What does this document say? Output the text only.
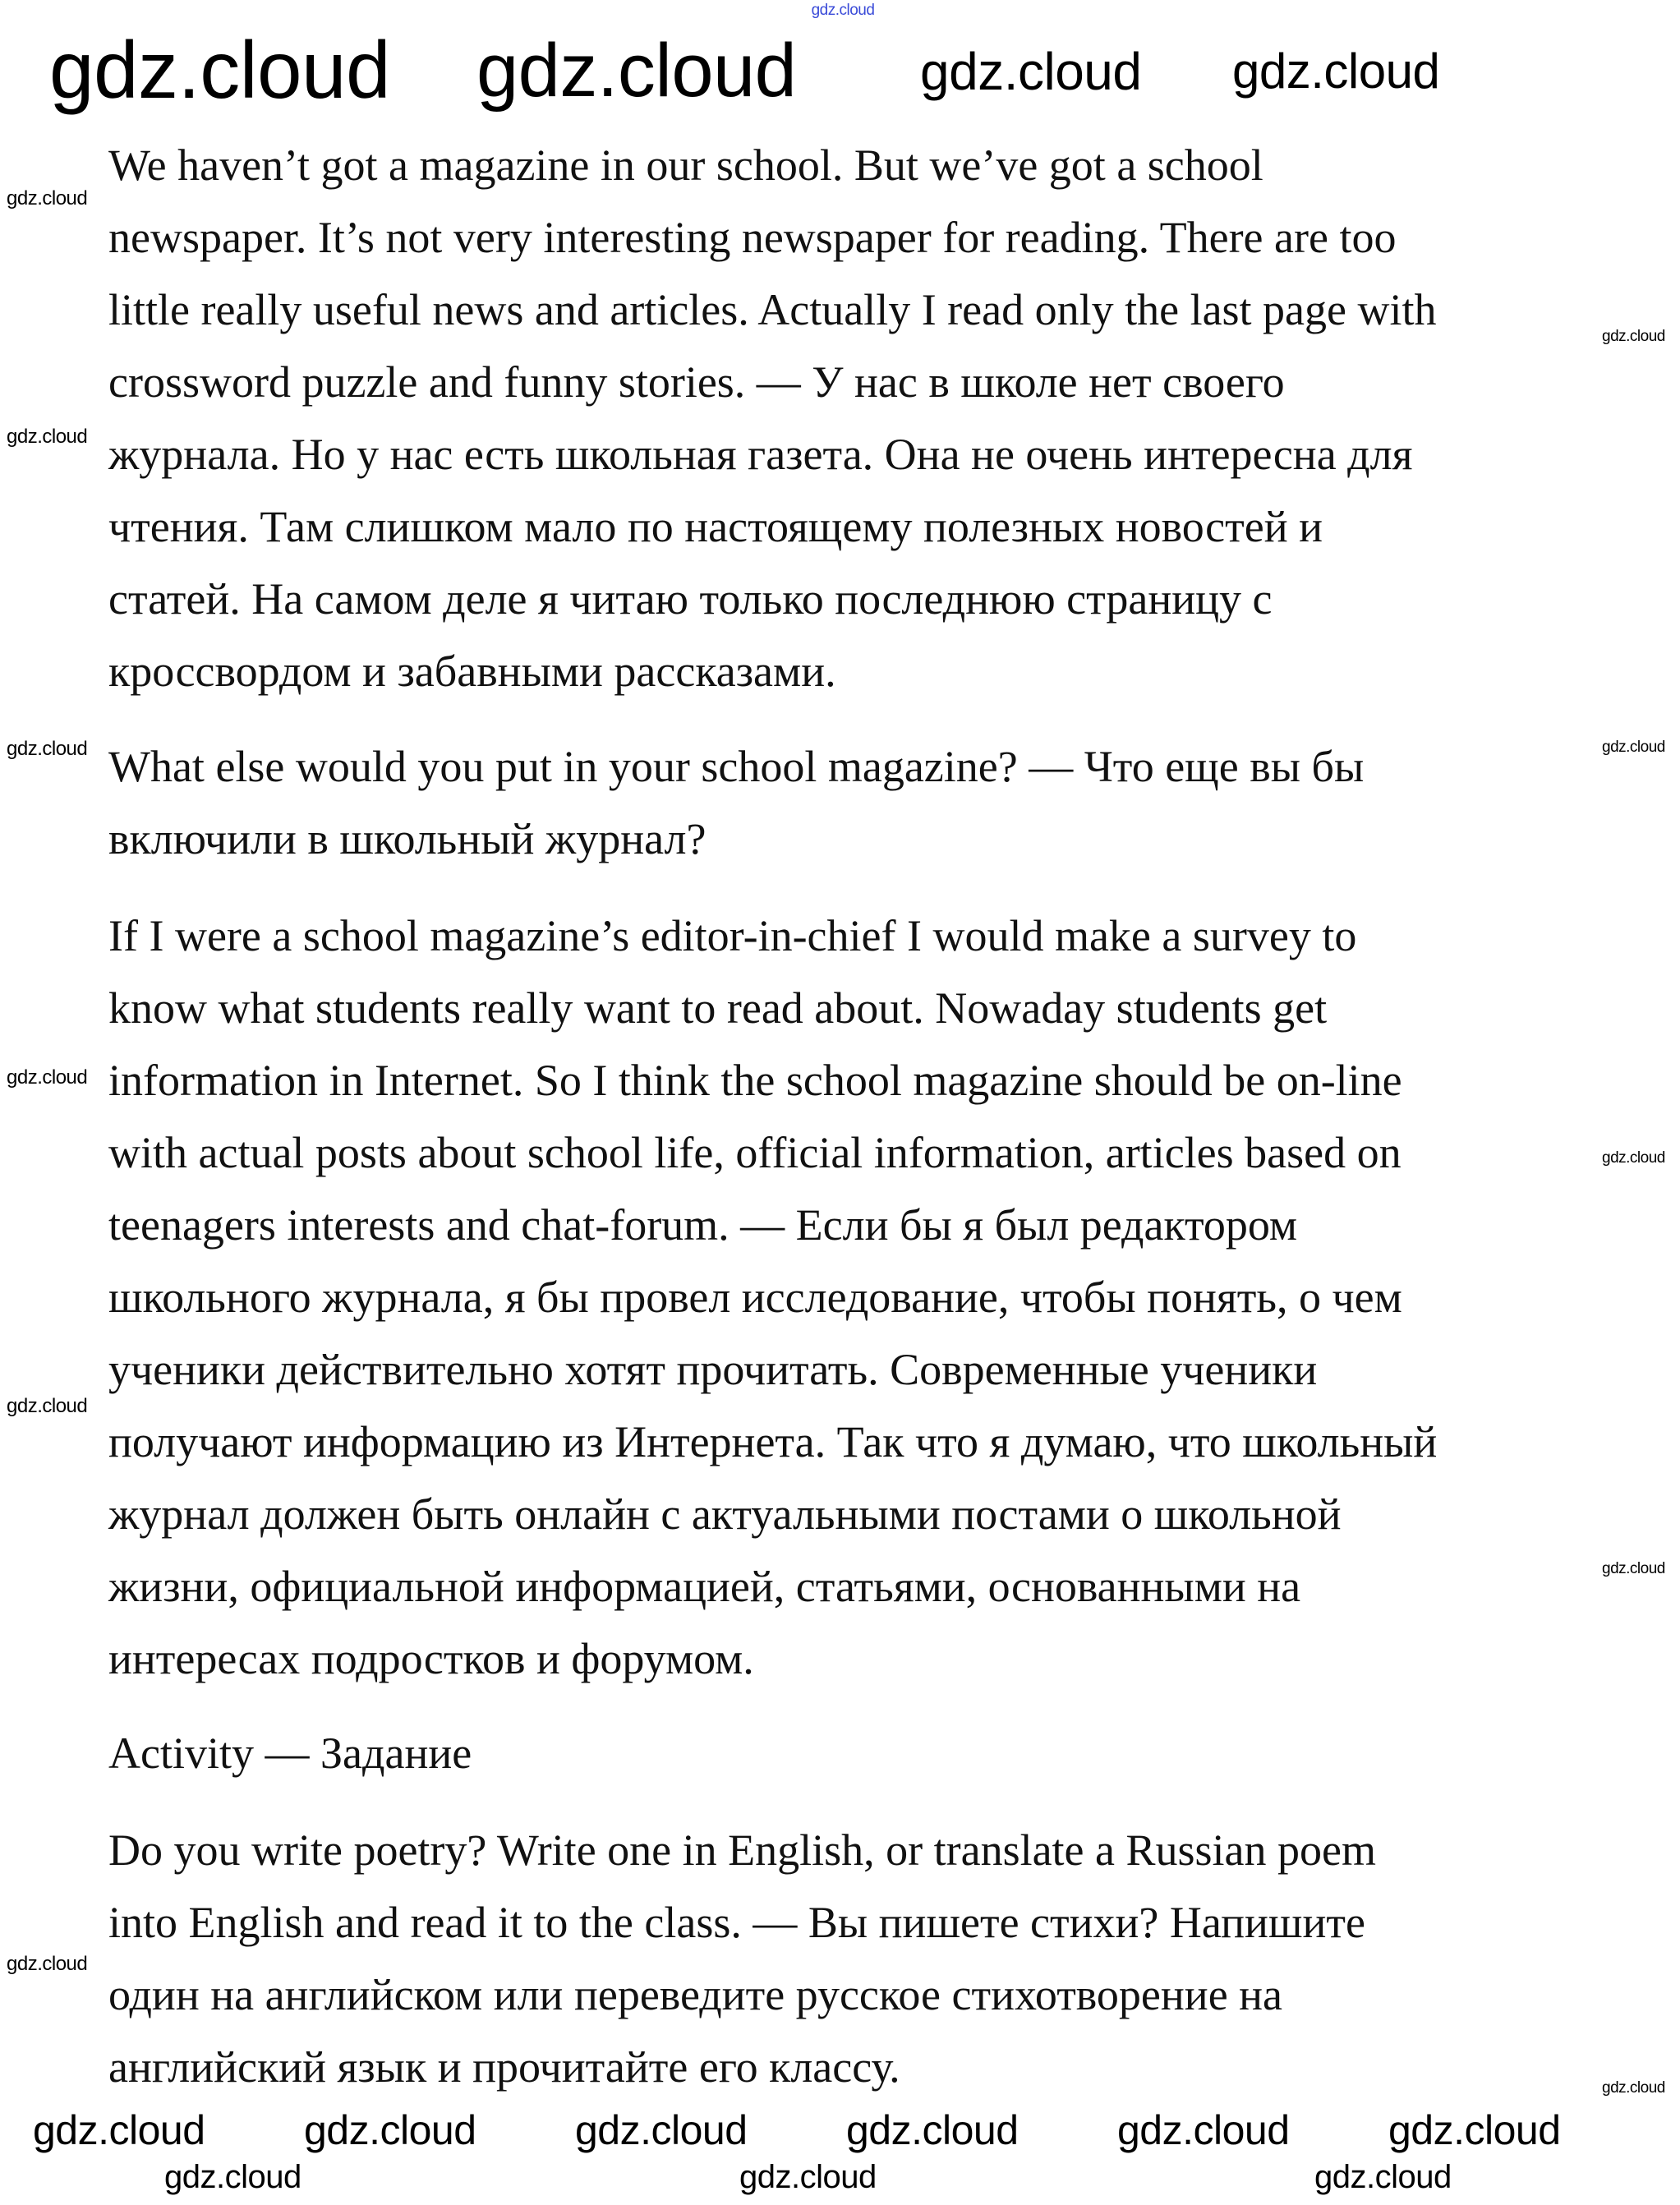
We haven’t got a magazine in our school. But we’ve got a school
newspaper. It’s not very interesting newspaper for reading. There are too
little really useful news and articles. Actually I read only the last page with
crossword puzzle and funny stories. — У нас в школе нет своего
журнала. Но у нас есть школьная газета. Она не очень интересна для
чтения. Там слишком мало по настоящему полезных новостей и
статей. На самом деле я читаю только последнюю страницу с
кроссвордом и забавными рассказами.
What else would you put in your school magazine? — Что еще вы бы
включили в школьный журнал?
If I were a school magazine’s editor-in-chief I would make a survey to
know what students really want to read about. Nowaday students get
information in Internet. So I think the school magazine should be on-line
with actual posts about school life, official information, articles based on
teenagers interests and chat-forum. — Если бы я был редактором
школьного журнала, я бы провел исследование, чтобы понять, о чем
ученики действительно хотят прочитать. Современные ученики
получают информацию из Интернета. Так что я думаю, что школьный
журнал должен быть онлайн с актуальными постами о школьной
жизни, официальной информацией, статьями, основанными на
интересах подростков и форумом.
Activity — Задание
Do you write poetry? Write one in English, or translate a Russian poem
into English and read it to the class. — Вы пишете стихи? Напишите
один на английском или переведите русское стихотворение на
английский язык и прочитайте его классу.
gdz.cloud
gdz.cloud gdz.cloud gdz.cloud gdz.cloud
gdz.cloud
gdz.cloud
gdz.cloud
gdz.cloud
gdz.cloud
gdz.cloud
gdz.cloud
gdz.cloud
gdz.cloud
gdz.cloud
gdz.cloud
gdz.cloud gdz.cloud gdz.cloud gdz.cloud gdz.cloud gdz.cloud
gdz.cloud	gdz.cloud	gdz.cloud
